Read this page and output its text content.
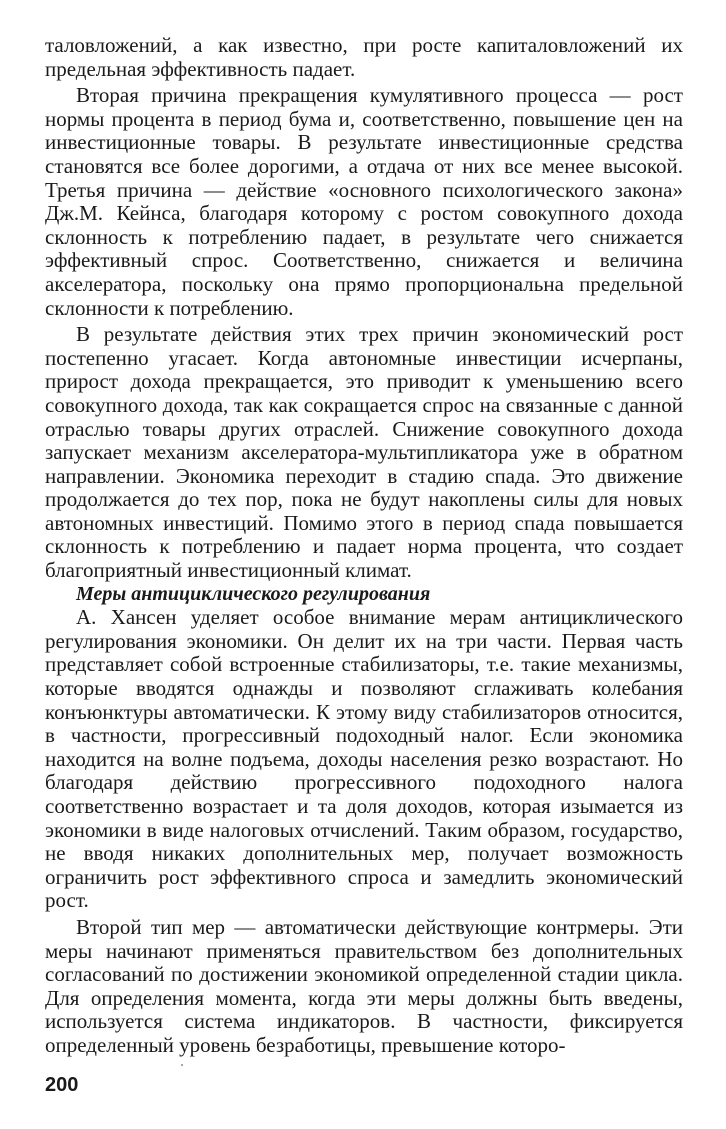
таловложений, а как известно, при росте капиталовложений их предельная эффективность падает.

Вторая причина прекращения кумулятивного процесса — рост нормы процента в период бума и, соответственно, повышение цен на инвестиционные товары. В результате инвестиционные средства становятся все более дорогими, а отдача от них все менее высокой. Третья причина — действие «основного психологического закона» Дж.М. Кейнса, благодаря которому с ростом совокупного дохода склонность к потреблению падает, в результате чего снижается эффективный спрос. Соответственно, снижается и величина акселератора, поскольку она прямо пропорциональна предельной склонности к потреблению.

В результате действия этих трех причин экономический рост постепенно угасает. Когда автономные инвестиции исчерпаны, прирост дохода прекращается, это приводит к уменьшению всего совокупного дохода, так как сокращается спрос на связанные с данной отраслью товары других отраслей. Снижение совокупного дохода запускает механизм акселератора-мультипликатора уже в обратном направлении. Экономика переходит в стадию спада. Это движение продолжается до тех пор, пока не будут накоплены силы для новых автономных инвестиций. Помимо этого в период спада повышается склонность к потреблению и падает норма процента, что создает благоприятный инвестиционный климат.

Меры антициклического регулирования

А. Хансен уделяет особое внимание мерам антициклического регулирования экономики. Он делит их на три части. Первая часть представляет собой встроенные стабилизаторы, т.е. такие механизмы, которые вводятся однажды и позволяют сглаживать колебания конъюнктуры автоматически. К этому виду стабилизаторов относится, в частности, прогрессивный подоходный налог. Если экономика находится на волне подъема, доходы населения резко возрастают. Но благодаря действию прогрессивного подоходного налога соответственно возрастает и та доля доходов, которая изымается из экономики в виде налоговых отчислений. Таким образом, государство, не вводя никаких дополнительных мер, получает возможность ограничить рост эффективного спроса и замедлить экономический рост.

Второй тип мер — автоматически действующие контрмеры. Эти меры начинают применяться правительством без дополнительных согласований по достижении экономикой определенной стадии цикла. Для определения момента, когда эти меры должны быть введены, используется система индикаторов. В частности, фиксируется определенный уровень безработицы, превышение которо-

200
